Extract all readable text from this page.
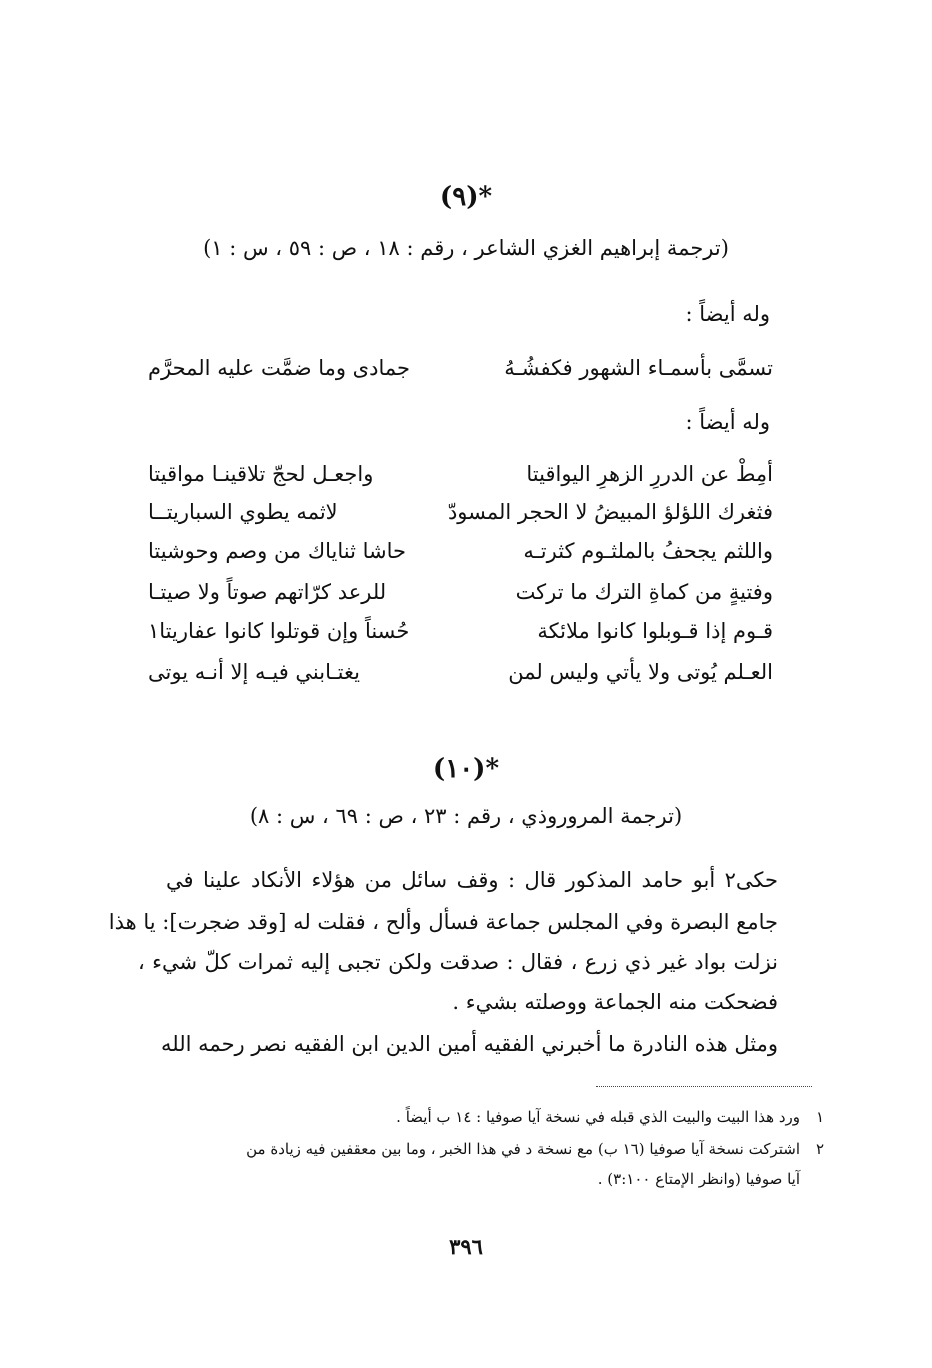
*(٩)
(ترجمة إبراهيم الغزي الشاعر ، رقم : ١٨ ، ص : ٥٩ ، س : ١)
وله أيضاً :
تسمَّى بأسمـاء الشهور فكفشُـهُ
جمادى وما ضمَّت عليه المحرَّم
وله أيضاً :
أمِطْ عن الدررِ الزهرِ اليواقيتا
واجعـل لحجّ تلاقينـا مواقيتا
فثغرك اللؤلؤ المبيضُ لا الحجر المسودّ
لاثمه يطوي السباريتــا
واللثم يجحفُ بالملثـوم كثرتـه
حاشا ثناياك من وصم وحوشيتا
وفتيةٍ من كماةِ الترك ما تركت
للرعد كرّاتهم صوتاً ولا صيتـا
قـوم إذا قـوبلوا كانوا ملائكة
حُسناً وإن قوتلوا كانوا عفاريتا١
العـلم يُوتى ولا يأتي وليس لمن
يغتـابني فيـه إلا أنـه يوتى
*(١٠)
(ترجمة المروروذي ، رقم : ٢٣ ، ص : ٦٩ ، س : ٨)
حكى٢ أبو حامد المذكور قال : وقف سائل من هؤلاء الأنكاد علينا في
جامع البصرة وفي المجلس جماعة فسأل وألح ، فقلت له [وقد ضجرت]: يا هذا
نزلت بواد غير ذي زرع ، فقال : صدقت ولكن تجبى إليه ثمرات كلّ شيء ،
فضحكت منه الجماعة ووصلته بشيء .
ومثل هذه النادرة ما أخبرني الفقيه أمين الدين ابن الفقيه نصر رحمه الله
١
ورد هذا البيت والبيت الذي قبله في نسخة آيا صوفيا : ١٤ ب أيضاً .
٢
اشتركت نسخة آيا صوفيا (١٦ ب) مع نسخة د في هذا الخبر ، وما بين معقفين فيه زيادة من
آيا صوفيا (وانظر الإمتاع ٣:١٠٠) .
٣٩٦
